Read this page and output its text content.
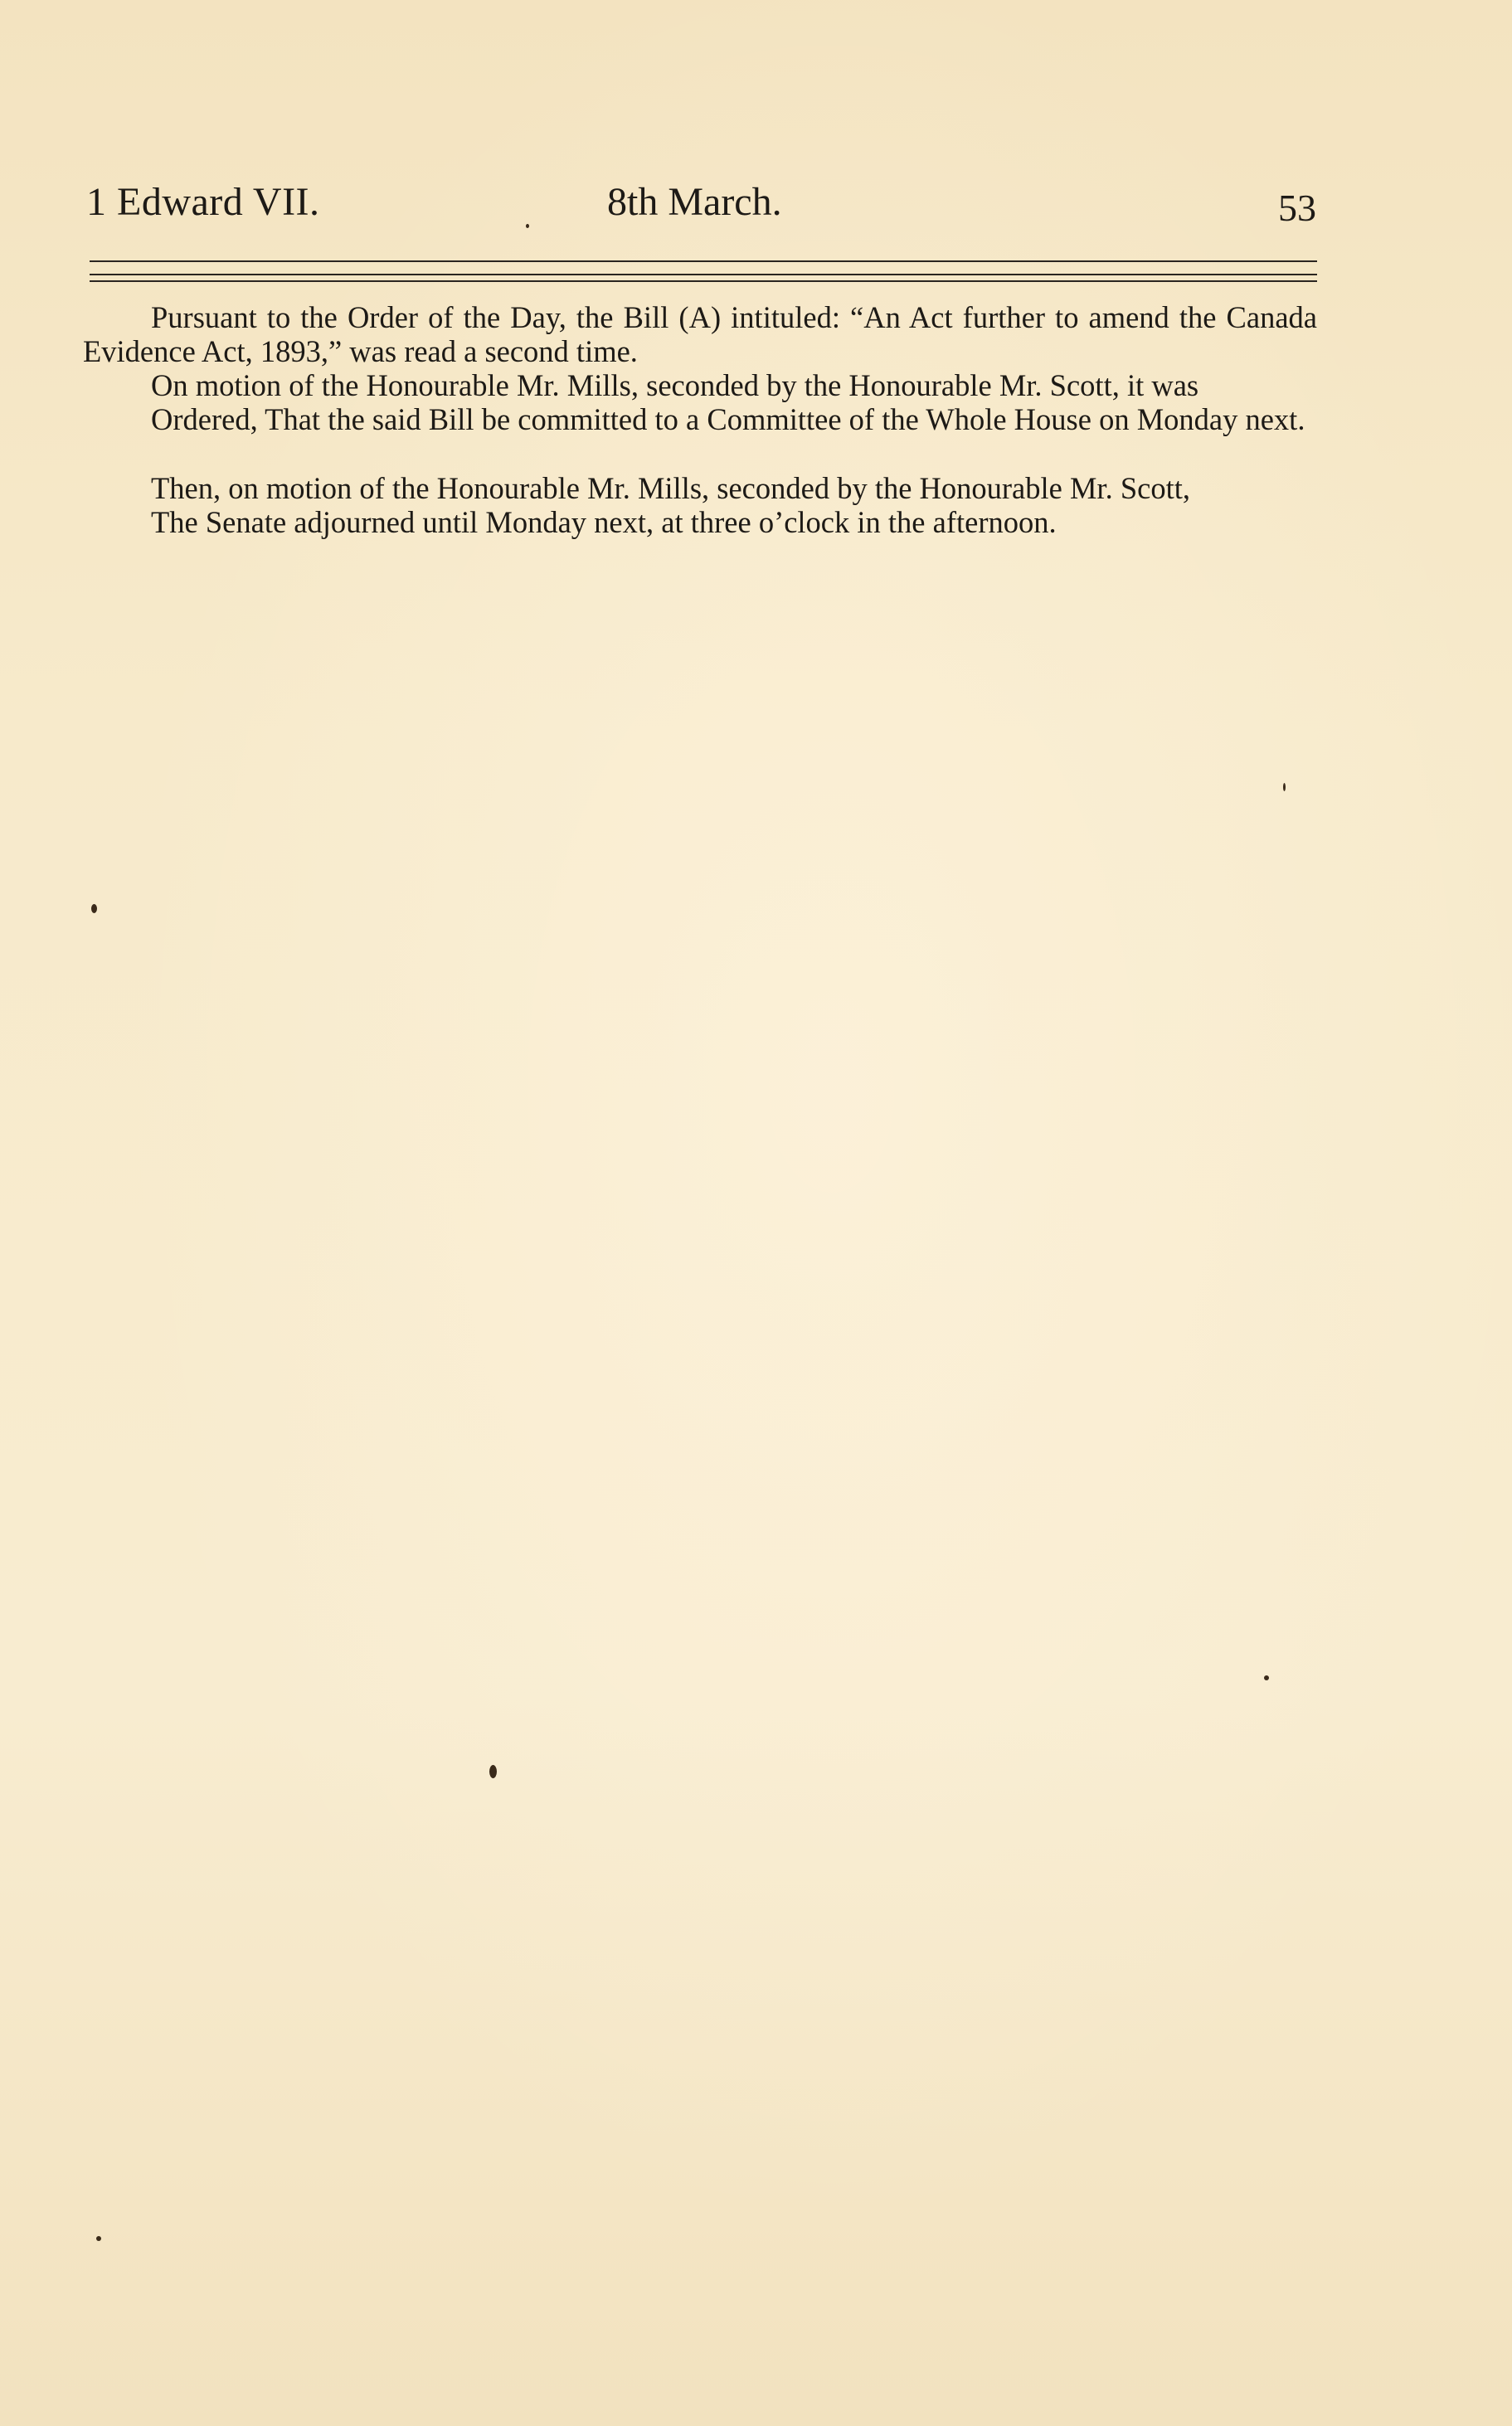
1 Edward VII.	8th March.	53

Pursuant to the Order of the Day, the Bill (A) intituled: “An Act further to amend the Canada Evidence Act, 1893,” was read a second time.

On motion of the Honourable Mr. Mills, seconded by the Honourable Mr. Scott, it was

Ordered, That the said Bill be committed to a Committee of the Whole House on Monday next.

Then, on motion of the Honourable Mr. Mills, seconded by the Honourable Mr. Scott,

The Senate adjourned until Monday next, at three o’clock in the afternoon.
